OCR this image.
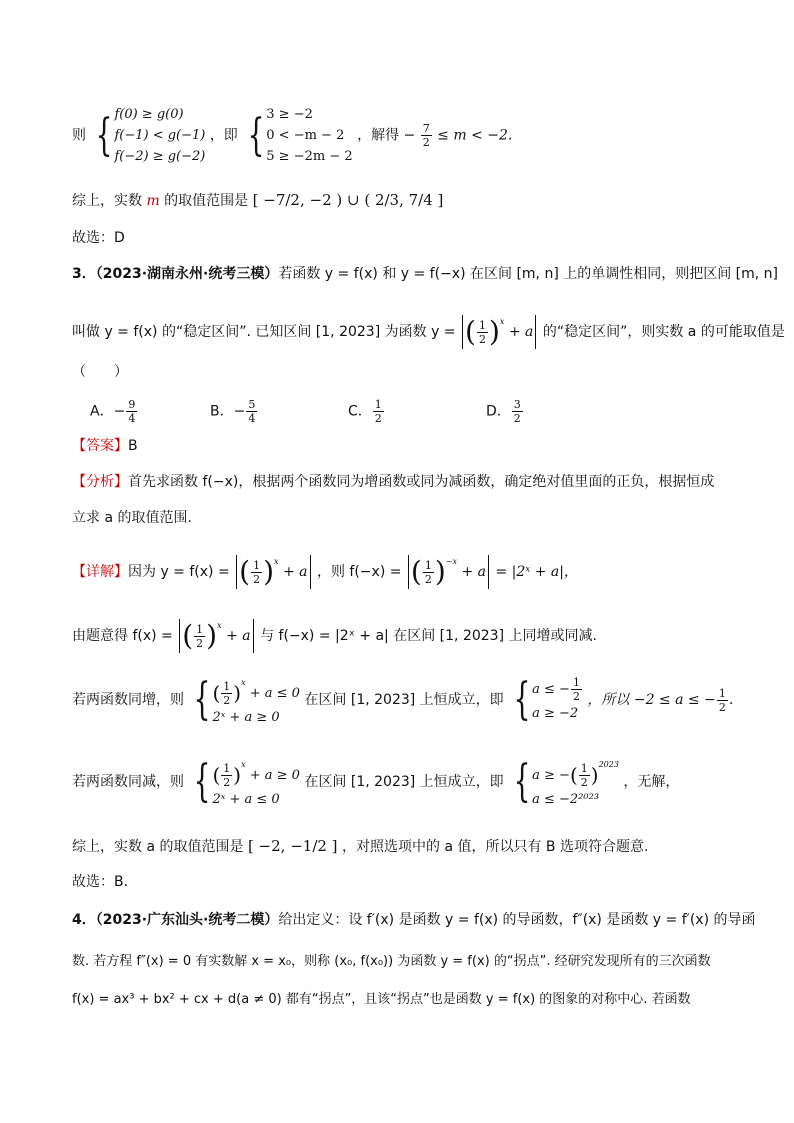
则 { f(0) ≥ g(0)
f(−1) < g(−1)
f(−2) ≥ g(−2)
，即 { 3 ≥ −2
0 < −m − 2
5 ≥ −2m − 2
，解得 − $\frac{7}{2} \le m < -2$.
综上，实数 m 的取值范围是 [ −7/2, −2 ) ∪ ( 2/3, 7/4 ]
故选：D
3．（2023·湖南永州·统考三模）若函数 y = f(x) 和 y = f(−x) 在区间 [m, n] 上的单调性相同，则把区间 [m, n]
叫做 y = f(x) 的“稳定区间”. 已知区间 [1, 2023] 为函数 y = ( $\frac{1}{2} )^x + a$ 的“稳定区间”，则实数 a 的可能取值是
（　　）
A．− $\frac{9}{4}$	B．− $\frac{5}{4}$	C． $\frac{1}{2}$	D． $\frac{3}{2}$
【答案】B
【分析】首先求函数 f(−x)，根据两个函数同为增函数或同为减函数，确定绝对值里面的正负，根据恒成
立求 a 的取值范围.
【详解】因为 y = f(x) = ( $\frac{1}{2} )^x + a$ ，则 f(−x) = ( $\frac{1}{2} )^{-x} + a$ = |2ˣ + a|，
由题意得 f(x) = ( $\frac{1}{2} )^x + a$ 与 f(−x) = |2ˣ + a| 在区间 [1, 2023] 上同增或同减.
若两函数同增，则 { ( $\frac{1}{2} )^x + a \le 0$
2ˣ + a ≥ 0
在区间 [1, 2023] 上恒成立，即 { a ≤ − $\frac{1}{2}$
a ≥ −2
，所以 −2 ≤ a ≤ − $\frac{1}{2}$ .
若两函数同减，则 { ( $\frac{1}{2} )^x + a \ge 0$
2ˣ + a ≤ 0
在区间 [1, 2023] 上恒成立，即 { a ≥ −( $\frac{1}{2} )^{2023}$
a ≤ −2²⁰²³
，无解，
综上，实数 a 的取值范围是 [ −2, −1/2 ] ，对照选项中的 a 值，所以只有 B 选项符合题意.
故选：B.
4．（2023·广东汕头·统考二模）给出定义：设 f′(x) 是函数 y = f(x) 的导函数，f″(x) 是函数 y = f′(x) 的导函
数. 若方程 f″(x) = 0 有实数解 x = x₀，则称 (x₀, f(x₀)) 为函数 y = f(x) 的“拐点”. 经研究发现所有的三次函数
f(x) = ax³ + bx² + cx + d(a ≠ 0) 都有“拐点”，且该“拐点”也是函数 y = f(x) 的图象的对称中心. 若函数
